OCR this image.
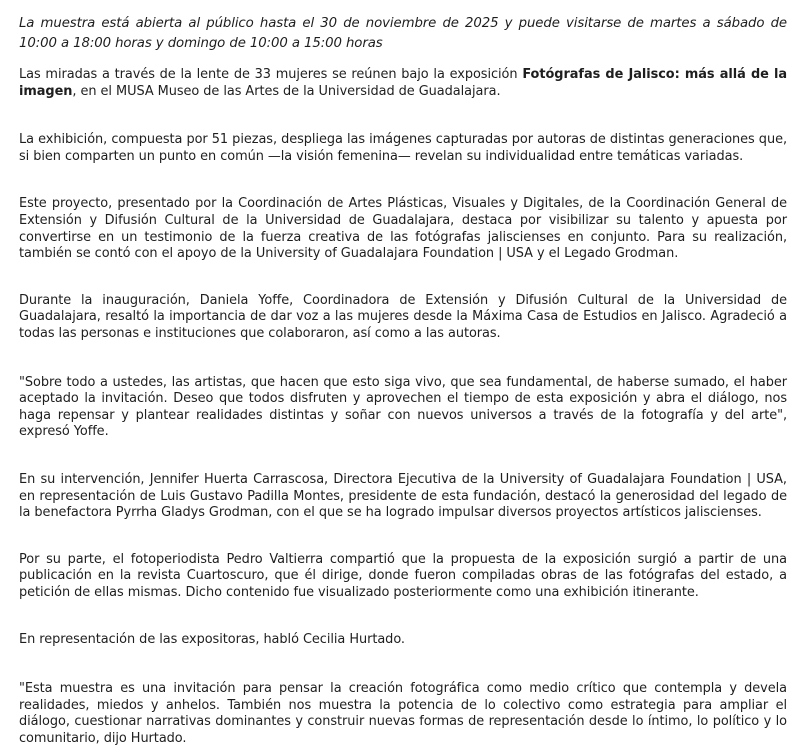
La muestra está abierta al público hasta el 30 de noviembre de 2025 y puede visitarse de martes a sábado de 10:00 a 18:00 horas y domingo de 10:00 a 15:00 horas

Las miradas a través de la lente de 33 mujeres se reúnen bajo la exposición Fotógrafas de Jalisco: más allá de la imagen, en el MUSA Museo de las Artes de la Universidad de Guadalajara.

La exhibición, compuesta por 51 piezas, despliega las imágenes capturadas por autoras de distintas generaciones que, si bien comparten un punto en común —la visión femenina— revelan su individualidad entre temáticas variadas.

Este proyecto, presentado por la Coordinación de Artes Plásticas, Visuales y Digitales, de la Coordinación General de Extensión y Difusión Cultural de la Universidad de Guadalajara, destaca por visibilizar su talento y apuesta por convertirse en un testimonio de la fuerza creativa de las fotógrafas jaliscienses en conjunto. Para su realización, también se contó con el apoyo de la University of Guadalajara Foundation | USA y el Legado Grodman.

Durante la inauguración, Daniela Yoffe, Coordinadora de Extensión y Difusión Cultural de la Universidad de Guadalajara, resaltó la importancia de dar voz a las mujeres desde la Máxima Casa de Estudios en Jalisco. Agradeció a todas las personas e instituciones que colaboraron, así como a las autoras.

"Sobre todo a ustedes, las artistas, que hacen que esto siga vivo, que sea fundamental, de haberse sumado, el haber aceptado la invitación. Deseo que todos disfruten y aprovechen el tiempo de esta exposición y abra el diálogo, nos haga repensar y plantear realidades distintas y soñar con nuevos universos a través de la fotografía y del arte", expresó Yoffe.

En su intervención, Jennifer Huerta Carrascosa, Directora Ejecutiva de la University of Guadalajara Foundation | USA, en representación de Luis Gustavo Padilla Montes, presidente de esta fundación, destacó la generosidad del legado de la benefactora Pyrrha Gladys Grodman, con el que se ha logrado impulsar diversos proyectos artísticos jaliscienses.

Por su parte, el fotoperiodista Pedro Valtierra compartió que la propuesta de la exposición surgió a partir de una publicación en la revista Cuartoscuro, que él dirige, donde fueron compiladas obras de las fotógrafas del estado, a petición de ellas mismas. Dicho contenido fue visualizado posteriormente como una exhibición itinerante.

En representación de las expositoras, habló Cecilia Hurtado.

"Esta muestra es una invitación para pensar la creación fotográfica como medio crítico que contempla y devela realidades, miedos y anhelos. También nos muestra la potencia de lo colectivo como estrategia para ampliar el diálogo, cuestionar narrativas dominantes y construir nuevas formas de representación desde lo íntimo, lo político y lo comunitario, dijo Hurtado.
